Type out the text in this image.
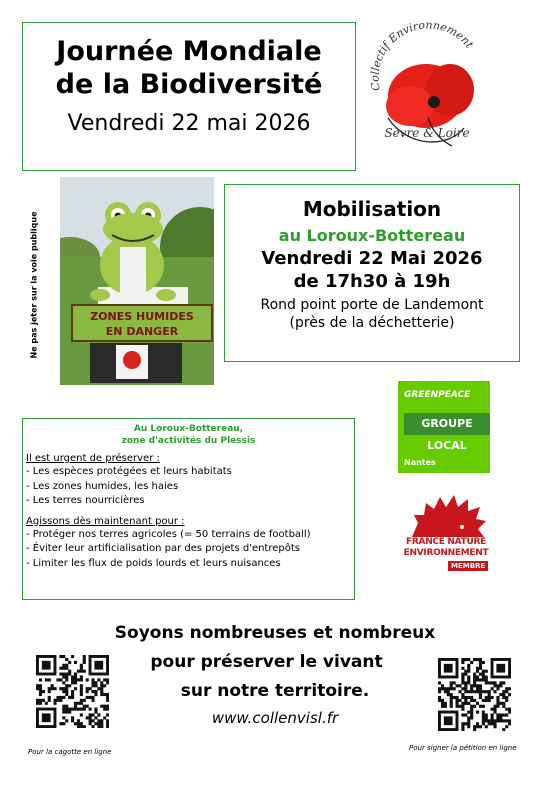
Journée Mondiale
de la Biodiversité
Vendredi 22 mai 2026
Collectif Environnement
Sèvre & Loire
Ne pas jeter sur la voie publique	ZONES HUMIDES
EN DANGER
Mobilisation
au Loroux-Bottereau
Vendredi 22 Mai 2026
de 17h30 à 19h
Rond point porte de Landemont
(près de la déchetterie)
GREENPEACE
GROUPE LOCAL
Nantes
FRANCE NATURE
ENVIRONNEMENT
MEMBRE
Au Loroux-Bottereau,
zone d'activités du Plessis
Il est urgent de préserver :
- Les espèces protégées et leurs habitats
- Les zones humides, les haies
- Les terres nourricières
Agissons dès maintenant pour :
- Protéger nos terres agricoles (= 50 terrains de football)
- Éviter leur artificialisation par des projets d'entrepôts
- Limiter les flux de poids lourds et leurs nuisances
Soyons nombreuses et nombreux
pour préserver le vivant
sur notre territoire.
www.collenvisl.fr
Pour la cagotte en ligne	Pour signer la pétition en ligne
